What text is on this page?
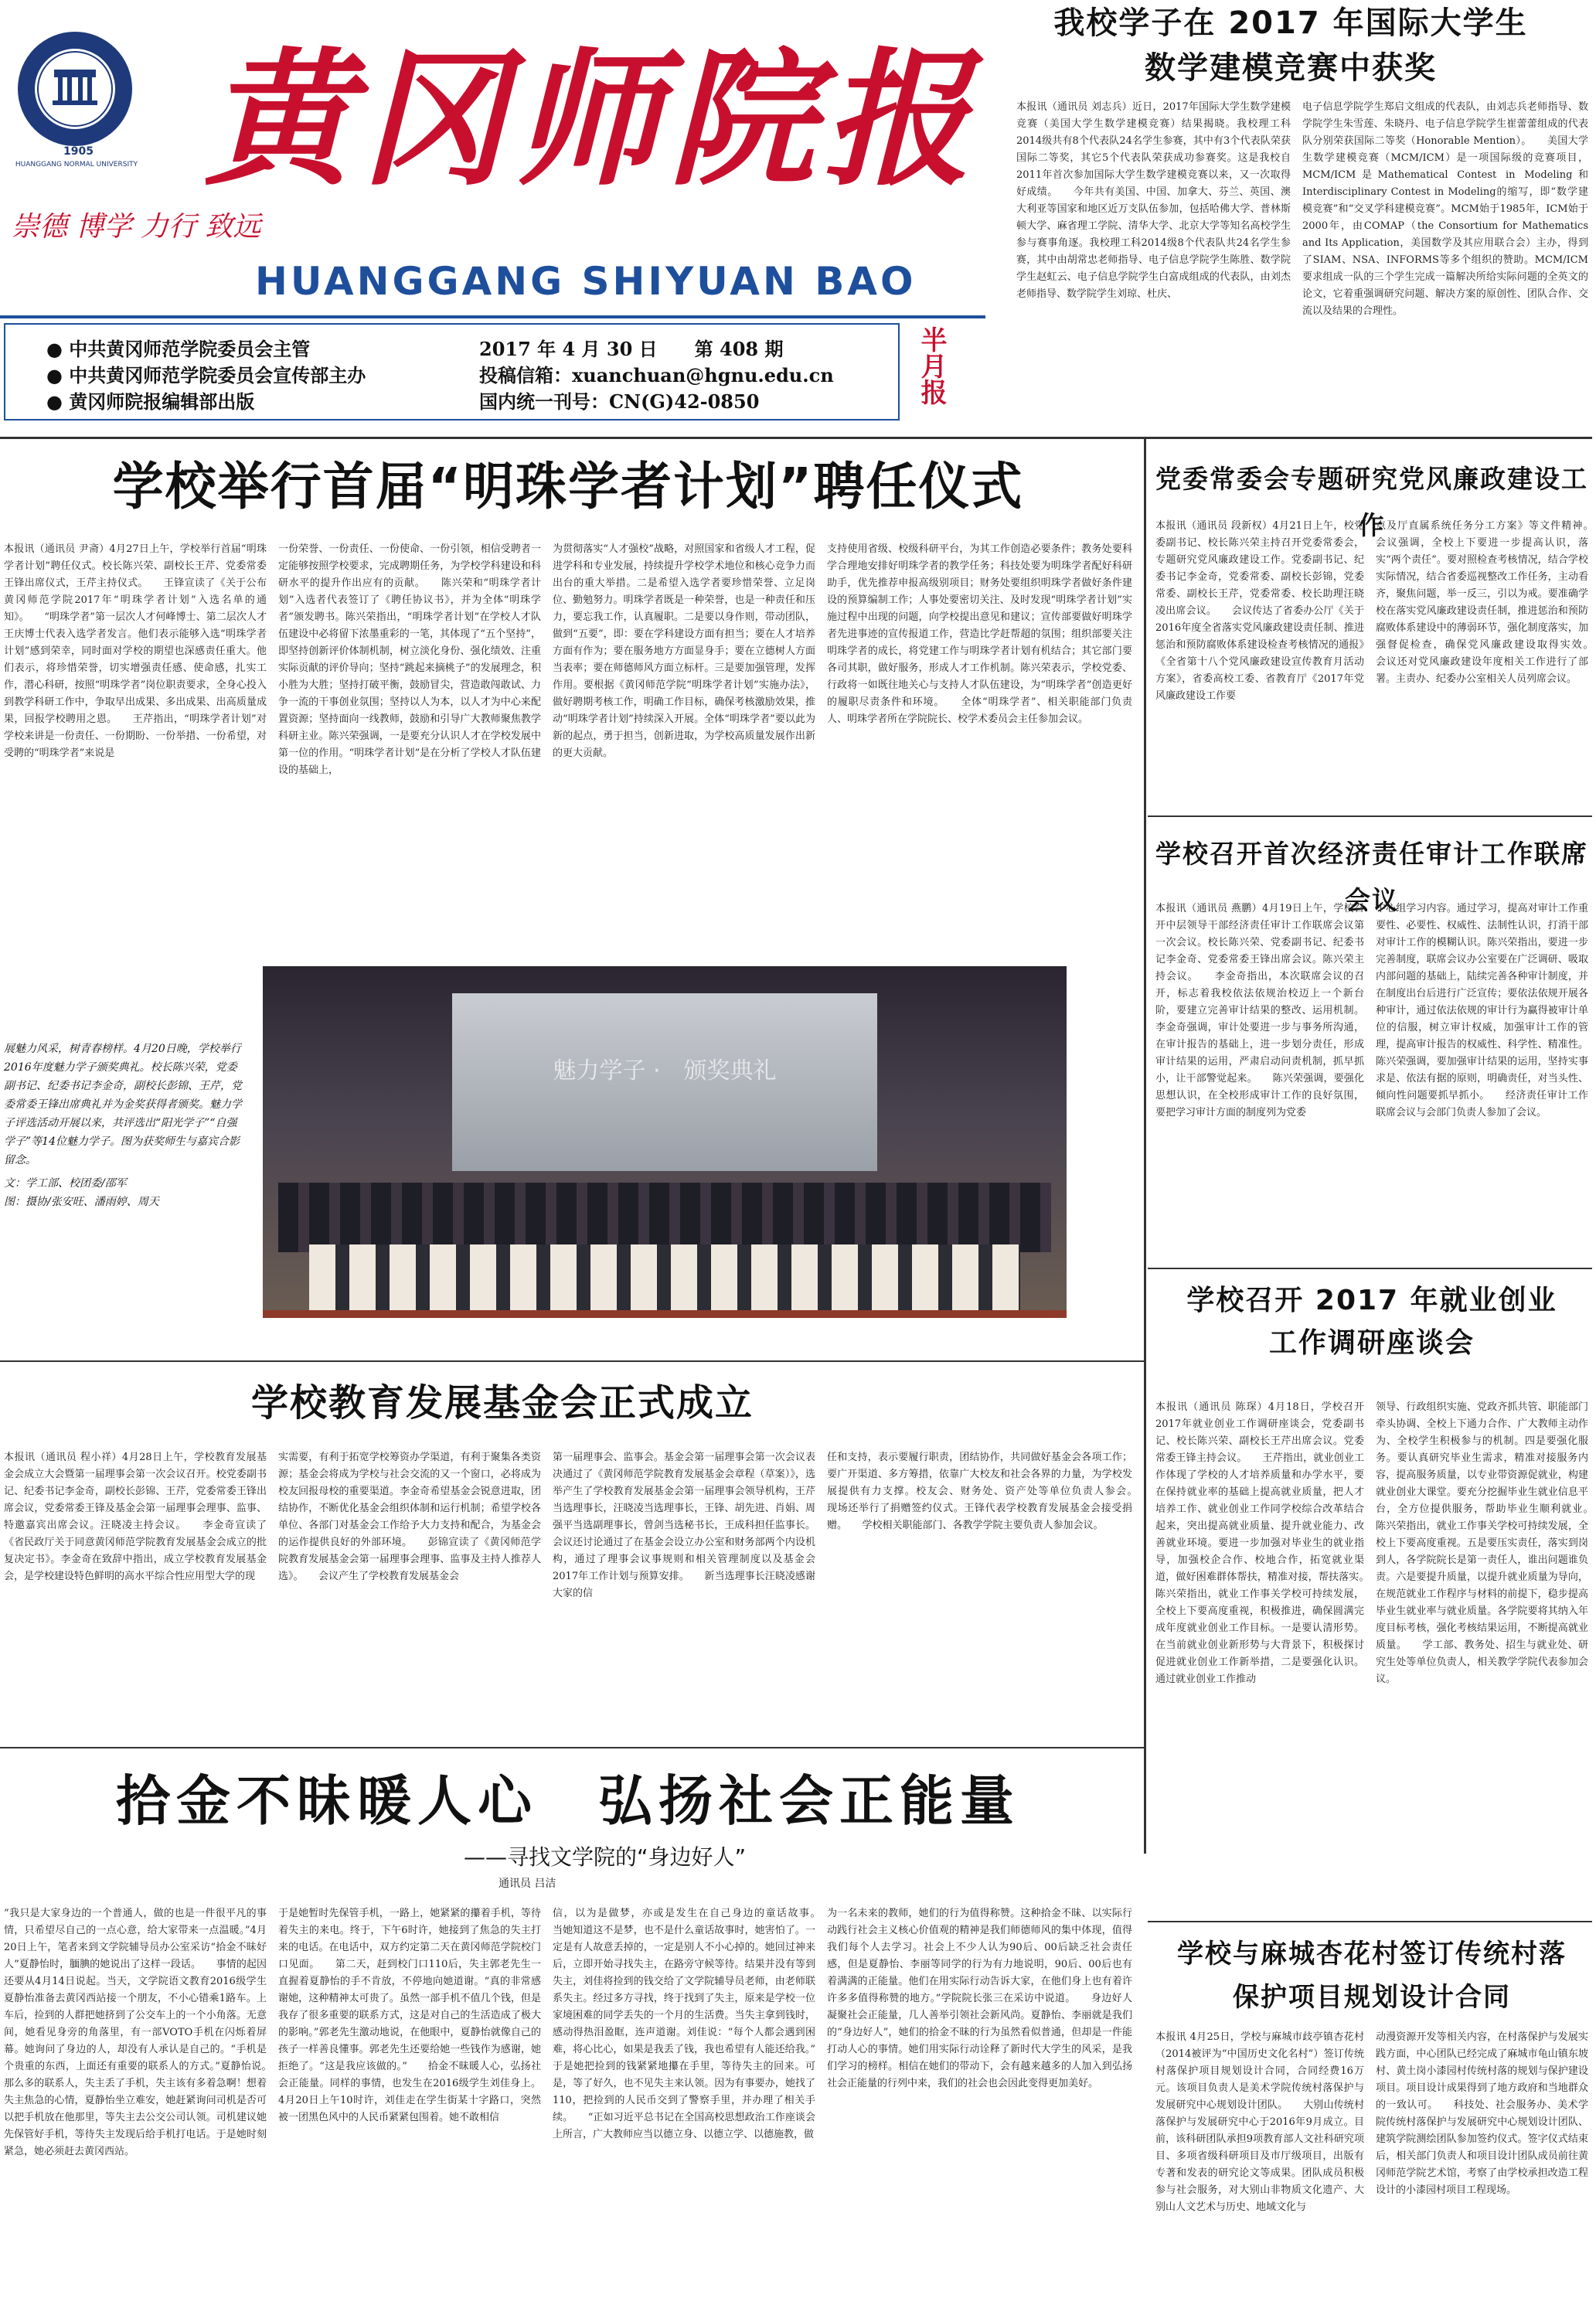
1905
HUANGGANG NORMAL UNIVERSITY 黄冈师院报
崇德 博学 力行 致远
HUANGGANG SHIYUAN BAO
● 中共黄冈师范学院委员会主管
● 中共黄冈师范学院委员会宣传部主办
● 黄冈师院报编辑部出版
2017 年 4 月 30 日　　第 408 期
投稿信箱：xuanchuan@hgnu.edu.cn
国内统一刊号：CN(G)42-0850	半月报
我校学子在 2017 年国际大学生
数学建模竞赛中获奖
本报讯（通讯员 刘志兵）近日，2017年国际大学生数学建模竞赛（美国大学生数学建模竞赛）结果揭晓。我校理工科2014级共有8个代表队24名学生参赛，其中有3个代表队荣获国际二等奖，其它5个代表队荣获成功参赛奖。这是我校自2011年首次参加国际大学生数学建模竞赛以来，又一次取得好成绩。　　今年共有美国、中国、加拿大、芬兰、英国、澳大利亚等国家和地区近万支队伍参加，包括哈佛大学、普林斯顿大学、麻省理工学院、清华大学、北京大学等知名高校学生参与赛事角逐。我校理工科2014级8个代表队共24名学生参赛，其中由胡常忠老师指导、电子信息学院学生陈胜、数学院学生赵虹云、电子信息学院学生白富成组成的代表队，由刘杰老师指导、数学院学生刘琼、杜庆、
电子信息学院学生郑启文组成的代表队，由刘志兵老师指导、数学院学生朱雪莲、朱晓丹、电子信息学院学生崔蕾蕾组成的代表队分别荣获国际二等奖（Honorable Mention）。　　美国大学生数学建模竞赛（MCM/ICM）是一项国际级的竞赛项目，MCM/ICM是Mathematical Contest in Modeling和Interdisciplinary Contest in Modeling的缩写，即“数学建模竞赛”和“交叉学科建模竞赛”。MCM始于1985年，ICM始于2000年，由COMAP（the Consortium for Mathematics and Its Application，美国数学及其应用联合会）主办，得到了SIAM、NSA、INFORMS等多个组织的赞助。MCM/ICM要求组成一队的三个学生完成一篇解决所给实际问题的全英文的论文，它着重强调研究问题、解决方案的原创性、团队合作、交流以及结果的合理性。
学校举行首届“明珠学者计划”聘任仪式
本报讯（通讯员 尹斋）4月27日上午，学校举行首届“明珠学者计划”聘任仪式。校长陈兴荣、副校长王芹、党委常委王锋出席仪式，王芹主持仪式。　　王锋宣读了《关于公布黄冈师范学院2017年“明珠学者计划”入选名单的通知》。　　“明珠学者”第一层次人才何峰博士、第二层次人才王庆博士代表入选学者发言。他们表示能够入选“明珠学者计划”感到荣幸，同时面对学校的期望也深感责任重大。他们表示，将珍惜荣誉，切实增强责任感、使命感，扎实工作，潜心科研，按照“明珠学者”岗位职责要求，全身心投入到教学科研工作中，争取早出成果、多出成果、出高质量成果，回报学校聘用之恩。　　王芹指出，“明珠学者计划”对学校来讲是一份责任、一份期盼、一份举措、一份希望，对受聘的“明珠学者”来说是
一份荣誉、一份责任、一份使命、一份引领，相信受聘者一定能够按照学校要求，完成聘期任务，为学校学科建设和科研水平的提升作出应有的贡献。　　陈兴荣和“明珠学者计划”入选者代表签订了《聘任协议书》，并为全体“明珠学者”颁发聘书。陈兴荣指出，“明珠学者计划”在学校人才队伍建设中必将留下浓墨重彩的一笔，其体现了“五个坚持”，即坚持创新评价体制机制，树立淡化身份、强化绩效、注重实际贡献的评价导向；坚持“跳起来摘桃子”的发展理念，积小胜为大胜；坚持打破平衡，鼓励冒尖，营造敢闯敢试、力争一流的干事创业氛围；坚持以人为本，以人才为中心来配置资源；坚持面向一线教师，鼓励和引导广大教师聚焦教学科研主业。陈兴荣强调，一是要充分认识人才在学校发展中第一位的作用。“明珠学者计划”是在分析了学校人才队伍建设的基础上，
为贯彻落实“人才强校”战略，对照国家和省级人才工程，促进学科和专业发展，持续提升学校学术地位和核心竞争力而出台的重大举措。二是希望入选学者要珍惜荣誉、立足岗位、勤勉努力。明珠学者既是一种荣誉，也是一种责任和压力，要忘我工作，认真履职。二是要以身作则，带动团队，做到“五要”，即：要在学科建设方面有担当；要在人才培养方面有作为；要在服务地方方面显身手；要在立德树人方面当表率；要在师德师风方面立标杆。三是要加强管理，发挥作用。要根据《黄冈师范学院“明珠学者计划”实施办法》，做好聘期考核工作，明确工作目标，确保考核激励效果，推动“明珠学者计划”持续深入开展。全体“明珠学者”要以此为新的起点，勇于担当，创新进取，为学校高质量发展作出新的更大贡献。
支持使用省级、校级科研平台，为其工作创造必要条件；教务处要科学合理地安排好明珠学者的教学任务；科技处要为明珠学者配好科研助手，优先推荐申报高级别项目；财务处要组织明珠学者做好条件建设的预算编制工作；人事处要密切关注、及时发现“明珠学者计划”实施过程中出现的问题，向学校提出意见和建议；宣传部要做好明珠学者先进事迹的宣传报道工作，营造比学赶帮超的氛围；组织部要关注明珠学者的成长，将党建工作与明珠学者计划有机结合；其它部门要各司其职，做好服务，形成人才工作机制。陈兴荣表示，学校党委、行政将一如既往地关心与支持人才队伍建设，为“明珠学者”创造更好的履职尽责条件和环境。　　全体“明珠学者”、相关职能部门负责人、明珠学者所在学院院长、校学术委员会主任参加会议。
党委常委会专题研究党风廉政建设工作
本报讯（通讯员 段新权）4月21日上午，校党委副书记、校长陈兴荣主持召开党委常委会，专题研究党风廉政建设工作。党委副书记、纪委书记李金奇，党委常委、副校长彭锦，党委常委、副校长王芹，党委常委、校长助理汪晓凌出席会议。　　会议传达了省委办公厅《关于2016年度全省落实党风廉政建设责任制、推进惩治和预防腐败体系建设检查考核情况的通报》《全省第十八个党风廉政建设宣传教育月活动方案》，省委高校工委、省教育厅《2017年党风廉政建设工作要
点及厅直属系统任务分工方案》等文件精神。　　会议强调，全校上下要进一步提高认识，落实“两个责任”。要对照检查考核情况，结合学校实际情况，结合省委巡视整改工作任务，主动看齐，聚焦问题，举一反三，引以为戒。要准确学校在落实党风廉政建设责任制，推进惩治和预防腐败体系建设中的薄弱环节，强化制度落实，加强督促检查，确保党风廉政建设取得实效。　　会议还对党风廉政建设年度相关工作进行了部署。主责办、纪委办公室相关人员列席会议。
学校召开首次经济责任审计工作联席会议
本报讯（通讯员 燕鹏）4月19日上午，学校召开中层领导干部经济责任审计工作联席会议第一次会议。校长陈兴荣、党委副书记、纪委书记李金奇、党委常委王锋出席会议。陈兴荣主持会议。　　李金奇指出，本次联席会议的召开，标志着我校依法依规治校迈上一个新台阶，要建立完善审计结果的整改、运用机制。李金奇强调，审计处要进一步与事务所沟通，在审计报告的基础上，进一步划分责任，形成审计结果的运用，严肃启动问责机制，抓早抓小，让干部警觉起来。　　陈兴荣强调，要强化思想认识，在全校形成审计工作的良好氛围，要把学习审计方面的制度列为党委
中心组学习内容。通过学习，提高对审计工作重要性、必要性、权威性、法制性认识，打消干部对审计工作的模糊认识。陈兴荣指出，要进一步完善制度，联席会议办公室要在广泛调研、吸取内部问题的基础上，陆续完善各种审计制度，并在制度出台后进行广泛宣传；要依法依规开展各种审计，通过依法依规的审计行为赢得被审计单位的信服，树立审计权威，加强审计工作的管理，提高审计报告的权威性、科学性、精准性。陈兴荣强调，要加强审计结果的运用，坚持实事求是、依法有据的原则，明确责任，对当头性、倾向性问题要抓早抓小。　　经济责任审计工作联席会议与会部门负责人参加了会议。
展魅力风采，树青春榜样。4月20日晚，学校举行2016年度魅力学子颁奖典礼。校长陈兴荣，党委副书记、纪委书记李金奇，副校长彭锦、王芹，党委常委王锋出席典礼并为金奖获得者颁奖。魅力学子评选活动开展以来，共评选出“阳光学子”“自强学子”等14位魅力学子。图为获奖师生与嘉宾合影留念。
文：学工部、校团委/邵军
图：摄协/张安旺、潘雨婷、周天
魅力学子 ·　颁奖典礼
学校教育发展基金会正式成立
本报讯（通讯员 程小祥）4月28日上午，学校教育发展基金会成立大会暨第一届理事会第一次会议召开。校党委副书记、纪委书记李金奇，副校长彭锦、王芹，党委常委王锋出席会议，党委常委王锋及基金会第一届理事会理事、监事、特邀嘉宾出席会议。汪晓凌主持会议。　　李金奇宣读了《省民政厅关于同意黄冈师范学院教育发展基金会成立的批复决定书》。李金奇在致辞中指出，成立学校教育发展基金会，是学校建设特色鲜明的高水平综合性应用型大学的现
实需要，有利于拓宽学校筹资办学渠道，有利于聚集各类资源；基金会将成为学校与社会交流的又一个窗口，必将成为校友回报母校的重要渠道。李金奇希望基金会锐意进取，团结协作，不断优化基金会组织体制和运行机制；希望学校各单位、各部门对基金会工作给予大力支持和配合，为基金会的运作提供良好的外部环境。　　彭锦宣读了《黄冈师范学院教育发展基金会第一届理事会理事、监事及主持人推荐人选》。　　会议产生了学校教育发展基金会
第一届理事会、监事会。基金会第一届理事会第一次会议表决通过了《黄冈师范学院教育发展基金会章程（草案）》，选举产生了学校教育发展基金会第一届理事会领导机构，王芹当选理事长，汪晓凌当选理事长，王锋、胡先进、肖娟、周强平当选副理事长，曾剑当选秘书长，王成科担任监事长。会议还讨论通过了在基金会设立办公室和财务部两个内设机构，通过了理事会议事规则和相关管理制度以及基金会2017年工作计划与预算安排。　　新当选理事长汪晓凌感谢大家的信
任和支持，表示要履行职责，团结协作，共同做好基金会各项工作；要广开渠道、多方筹措，依靠广大校友和社会各界的力量，为学校发展提供有力支撑。校友会、财务处、资产处等单位负责人参会。　　现场还举行了捐赠签约仪式。王锋代表学校教育发展基金会接受捐赠。　　学校相关职能部门、各教学学院主要负责人参加会议。
学校召开 2017 年就业创业
工作调研座谈会
本报讯（通讯员 陈琛）4月18日，学校召开2017年就业创业工作调研座谈会，党委副书记、校长陈兴荣、副校长王芹出席会议。党委常委王锋主持会议。　　王芹指出，就业创业工作体现了学校的人才培养质量和办学水平，要在保持就业率的基础上提高就业质量，把人才培养工作、就业创业工作同学校综合改革结合起来，突出提高就业质量、提升就业能力、改善就业环境。要进一步加强对毕业生的就业指导，加强校企合作、校地合作，拓宽就业渠道，做好困难群体帮扶，精准对接，帮扶落实。　　陈兴荣指出，就业工作事关学校可持续发展，全校上下要高度重视，积极推进，确保圆满完成年度就业创业工作目标。一是要认清形势。在当前就业创业新形势与大背景下，积极探讨促进就业创业工作新举措，二是要强化认识。通过就业创业工作推动
领导、行政组织实施、党政齐抓共管、职能部门牵头协调、全校上下通力合作、广大教师主动作为、全校学生积极参与的机制。四是要强化服务。要认真研究毕业生需求，精准对接服务内容，提高服务质量，以专业带资源促就业，构建就业创业大课堂。要充分挖掘毕业生就业信息平台，全方位提供服务，帮助毕业生顺利就业。　　陈兴荣指出，就业工作事关学校可持续发展，全校上下要高度重视。五是要压实责任，落实到岗到人，各学院院长是第一责任人，谁出问题谁负责。六是要提升质量，以提升就业质量为导向，在规范就业工作程序与材料的前提下，稳步提高毕业生就业率与就业质量。各学院要将其纳入年度目标考核，强化考核结果运用，不断提高就业质量。　　学工部、教务处、招生与就业处、研究生处等单位负责人，相关教学学院代表参加会议。
拾金不昧暖人心　弘扬社会正能量
——寻找文学院的“身边好人”
通讯员 吕洁
“我只是大家身边的一个普通人，做的也是一件很平凡的事情，只希望尽自己的一点心意，给大家带来一点温暖。”4月20日上午，笔者来到文学院辅导员办公室采访“拾金不昧好人”夏静怡时，腼腆的她说出了这样一段话。　　事情的起因还要从4月14日说起。当天，文学院语文教育2016级学生夏静怡准备去黄冈西站接一个朋友，不小心错乘1路车。上车后，捡到的人群把她挤到了公交车上的一个小角落。无意间，她看见身旁的角落里，有一部VOTO手机在闪烁着屏幕。她询问了身边的人，却没有人承认是自己的。“手机是个贵重的东西，上面还有重要的联系人的方式。”夏静怡说。　　那么多的联系人，失主丢了手机，失主该有多着急啊！想着失主焦急的心情，夏静怡坐立难安，她赶紧询问司机是否可以把手机放在他那里，等失主去公交公司认领。司机建议她先保管好手机，等待失主发现后给手机打电话。于是她时刻紧急，她必须赶去黄冈西站。
于是她暂时先保管手机，一路上，她紧紧的攥着手机，等待着失主的来电。终于，下午6时许，她接到了焦急的失主打来的电话。在电话中，双方约定第二天在黄冈师范学院校门口见面。　　第二天，赶到校门口110后，失主郭老先生一直握着夏静怡的手不肯放，不停地向她道谢。“真的非常感谢她，这种精神太可贵了。虽然一部手机不值几个钱，但是我存了很多重要的联系方式，这是对自己的生活造成了极大的影响。”郭老先生激动地说，在他眼中，夏静怡就像自己的孩子一样善良懂事。郭老先生还要给她一些钱作为感谢，她拒绝了。“这是我应该做的。”　　拾金不昧暖人心，弘扬社会正能量。同样的事情，也发生在2016级学生刘佳身上。4月20日上午10时许，刘佳走在学生街某十字路口，突然被一团黑色风中的人民币紧紧包围着。她不敢相信
信，以为是做梦，亦或是发生在自己身边的童话故事。　　当她知道这不是梦，也不是什么童话故事时，她害怕了。一定是有人故意丢掉的，一定是别人不小心掉的。她回过神来后，立即开始寻找失主，在路旁守候等待。结果并没有等到失主，刘佳将捡到的钱交给了文学院辅导员老师，由老师联系失主。经过多方寻找，终于找到了失主，原来是学校一位家境困难的同学丢失的一个月的生活费。当失主拿到钱时，感动得热泪盈眶，连声道谢。刘佳说：“每个人都会遇到困难，将心比心，如果是我丢了钱，我也希望有人能还给我。”　　于是她把捡到的钱紧紧地攥在手里，等待失主的回来。可是，等了好久，也不见失主来认领。因为有事要办，她找了110，把捡到的人民币交到了警察手里，并办理了相关手续。　　“正如习近平总书记在全国高校思想政治工作座谈会上所言，广大教师应当以德立身、以德立学、以德施教，做
为一名未来的教师，她们的行为值得称赞。这种拾金不昧、以实际行动践行社会主义核心价值观的精神是我们师德师风的集中体现，值得我们每个人去学习。社会上不少人认为90后、00后缺乏社会责任感，但是夏静怡、李丽等同学的行为有力地说明，90后、00后也有着满满的正能量。他们在用实际行动告诉大家，在他们身上也有着许许多多值得称赞的地方。”学院院长张三在采访中说道。　　身边好人凝聚社会正能量，几人善举引领社会新风尚。夏静怡、李丽就是我们的“身边好人”，她们的拾金不昧的行为虽然看似普通，但却是一件能打动人心的事情。她们用实际行动诠释了新时代大学生的风采，是我们学习的榜样。相信在她们的带动下，会有越来越多的人加入到弘扬社会正能量的行列中来，我们的社会也会因此变得更加美好。
学校与麻城杏花村签订传统村落
保护项目规划设计合同
本报讯 4月25日，学校与麻城市歧亭镇杏花村（2014被评为“中国历史文化名村”）签订传统村落保护项目规划设计合同，合同经费16万元。该项目负责人是美术学院传统村落保护与发展研究中心规划设计团队。　　大别山传统村落保护与发展研究中心于2016年9月成立。目前，该科研团队承担9项教育部人文社科研究项目、多项省级科研项目及市厅级项目，出版有专著和发表的研究论文等成果。团队成员积极参与社会服务，对大别山非物质文化遗产、大别山人文艺术与历史、地域文化与
动漫资源开发等相关内容，在村落保护与发展实践方面，中心团队已经完成了麻城市龟山镇东坡村、黄土岗小漆园村传统村落的规划与保护建设项目。项目设计成果得到了地方政府和当地群众的一致认可。　　科技处、社会服务办、美术学院传统村落保护与发展研究中心规划设计团队、建筑学院测绘团队参加签约仪式。签字仪式结束后，相关部门负责人和项目设计团队成员前往黄冈师范学院艺术馆，考察了由学校承担改造工程设计的小漆园村项目工程现场。
